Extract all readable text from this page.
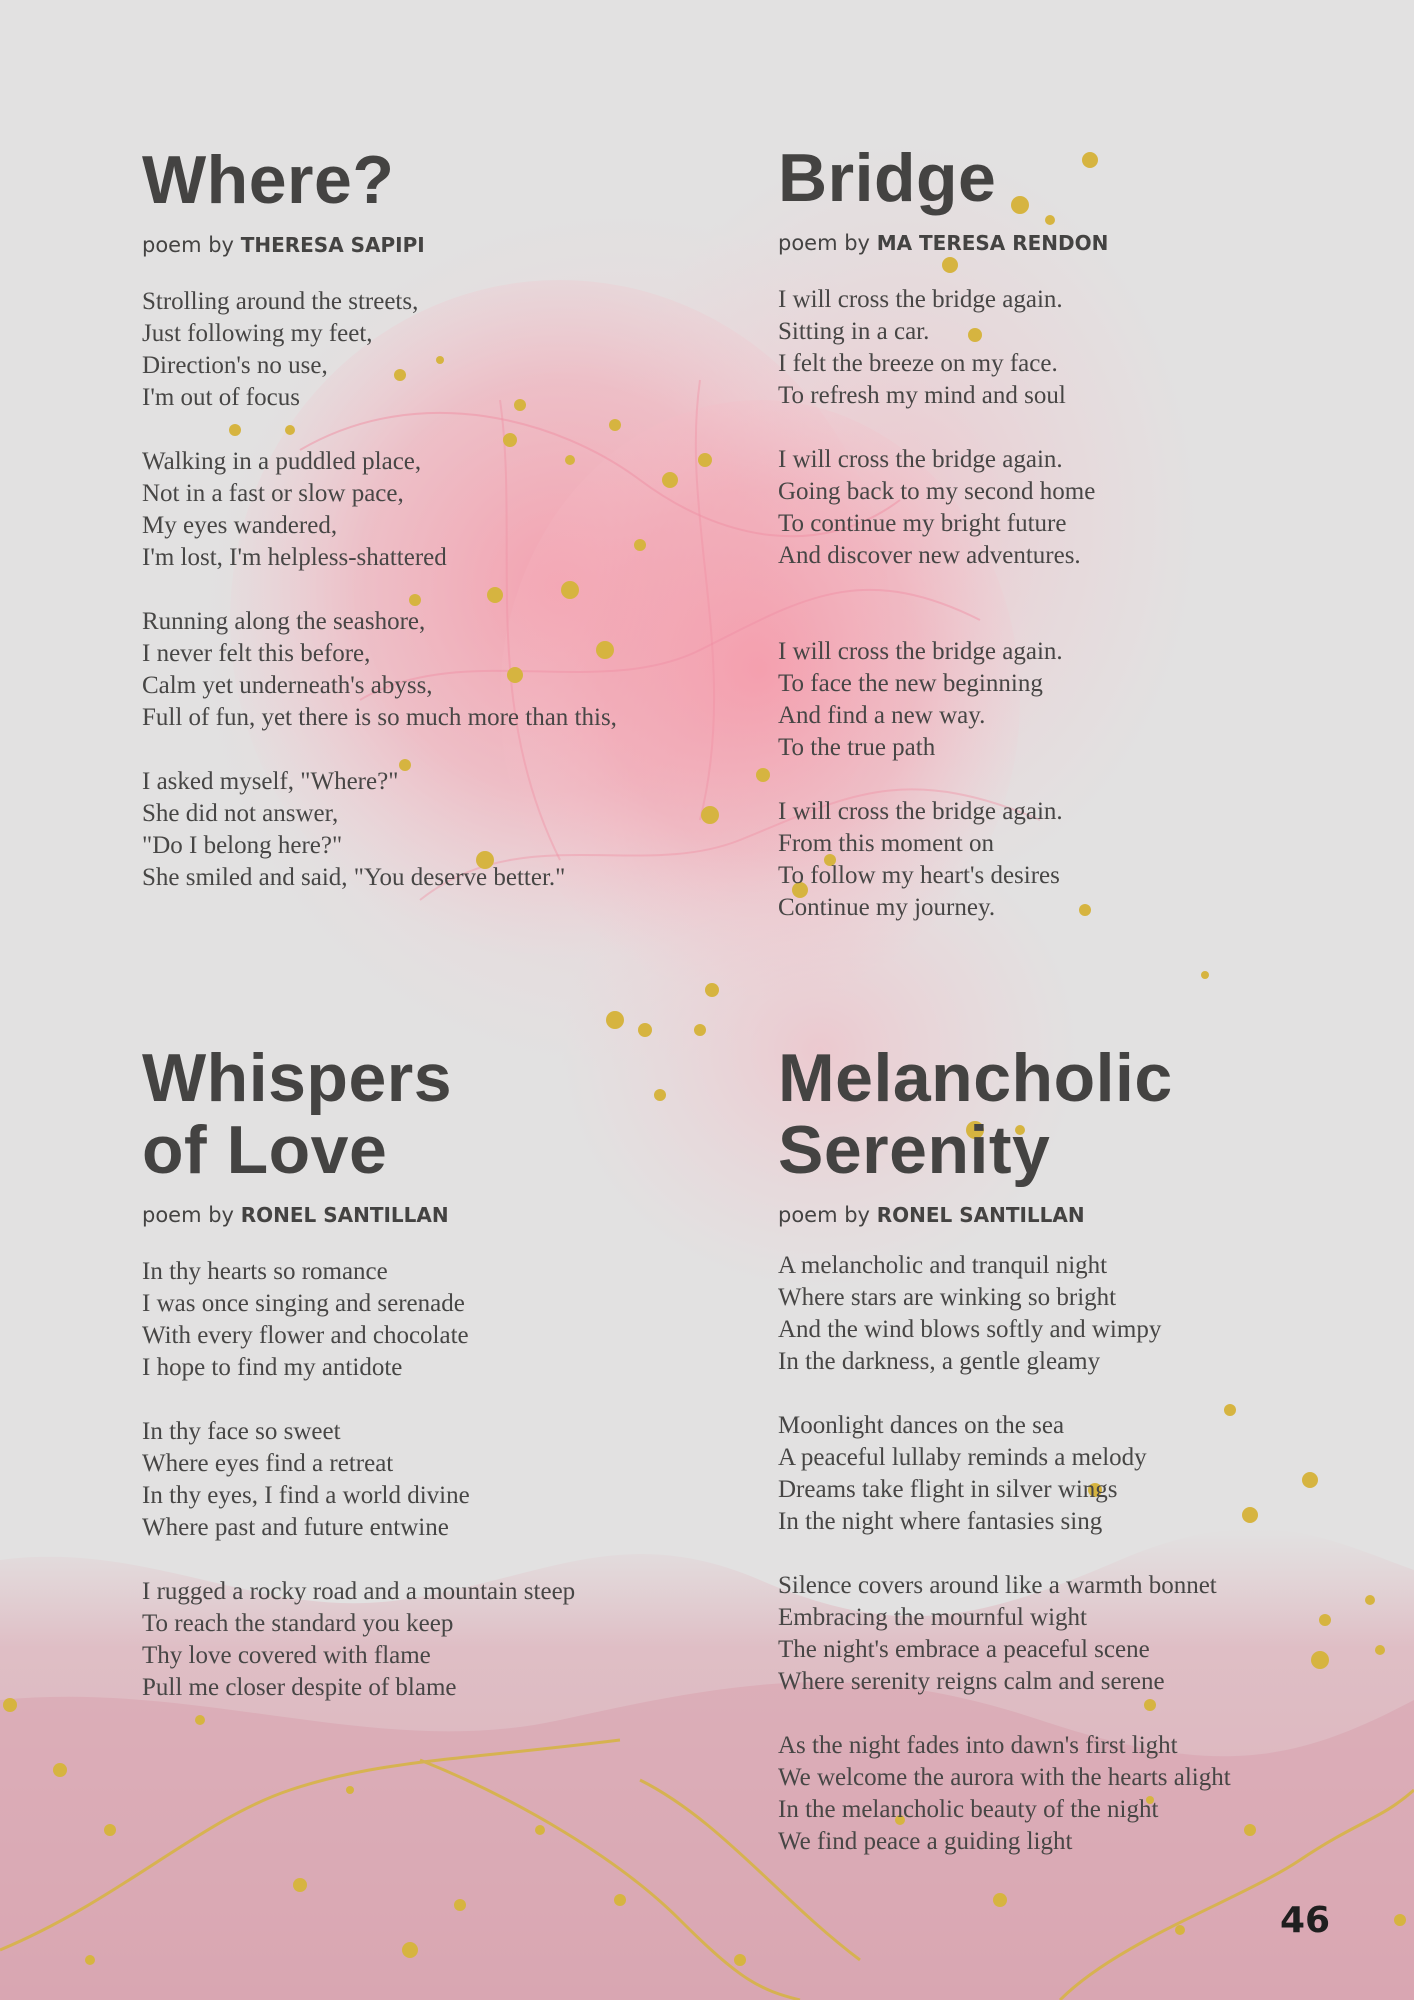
Where?
poem by THERESA SAPIPI
Strolling around the streets,
Just following my feet,
Direction's no use,
I'm out of focus
Walking in a puddled place,
Not in a fast or slow pace,
My eyes wandered,
I'm lost, I'm helpless-shattered
Running along the seashore,
I never felt this before,
Calm yet underneath's abyss,
Full of fun, yet there is so much more than this,
I asked myself, "Where?"
She did not answer,
"Do I belong here?"
She smiled and said, "You deserve better."
Bridge
poem by MA TERESA RENDON
I will cross the bridge again.
Sitting in a car.
I felt the breeze on my face.
To refresh my mind and soul
I will cross the bridge again.
Going back to my second home
To continue my bright future
And discover new adventures.
I will cross the bridge again.
To face the new beginning
And find a new way.
To the true path
I will cross the bridge again.
From this moment on
To follow my heart's desires
Continue my journey.
Whispers
of Love
poem by RONEL SANTILLAN
In thy hearts so romance
I was once singing and serenade
With every flower and chocolate
I hope to find my antidote
In thy face so sweet
Where eyes find a retreat
In thy eyes, I find a world divine
Where past and future entwine
I rugged a rocky road and a mountain steep
To reach the standard you keep
Thy love covered with flame
Pull me closer despite of blame
Melancholic
Serenity
poem by RONEL SANTILLAN
A melancholic and tranquil night
Where stars are winking so bright
And the wind blows softly and wimpy
In the darkness, a gentle gleamy
Moonlight dances on the sea
A peaceful lullaby reminds a melody
Dreams take flight in silver wings
In the night where fantasies sing
Silence covers around like a warmth bonnet
Embracing the mournful wight
The night's embrace a peaceful scene
Where serenity reigns calm and serene
As the night fades into dawn's first light
We welcome the aurora with the hearts alight
In the melancholic beauty of the night
We find peace a guiding light
46
